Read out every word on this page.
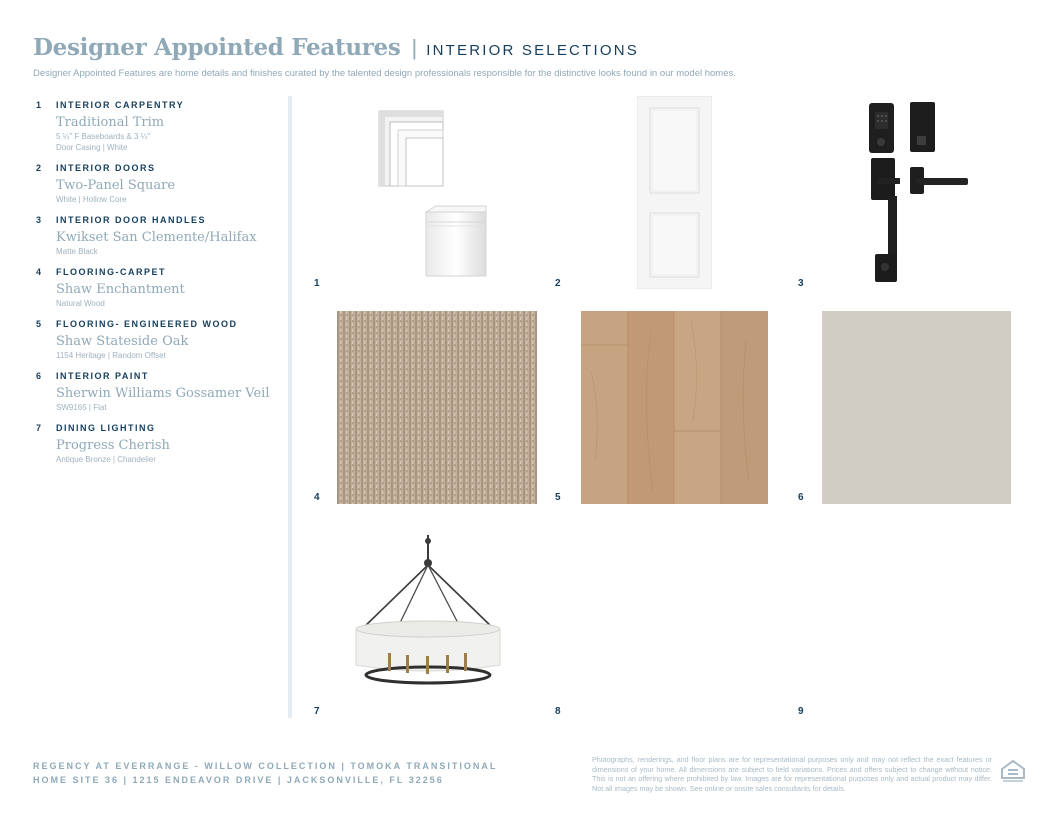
Designer Appointed Features | INTERIOR SELECTIONS
Designer Appointed Features are home details and finishes curated by the talented design professionals responsible for the distinctive looks found in our model homes.
1	INTERIOR CARPENTRY
Traditional Trim
5 ¼" F Baseboards & 3 ¼"
Door Casing | White
2	INTERIOR DOORS
Two-Panel Square
White | Hollow Core
3	INTERIOR DOOR HANDLES
Kwikset San Clemente/Halifax
Matte Black
4	FLOORING-CARPET
Shaw Enchantment
Natural Wood
5	FLOORING- ENGINEERED WOOD
Shaw Stateside Oak
1154 Heritage | Random Offset
6	INTERIOR PAINT
Sherwin Williams Gossamer Veil
SW9165 | Flat
7	DINING LIGHTING
Progress Cherish
Antique Bronze | Chandelier
1	2	3
4	5	6
7	8	9
REGENCY AT EVERRANGE - WILLOW COLLECTION | TOMOKA TRANSITIONAL
HOME SITE 36 | 1215 ENDEAVOR DRIVE | JACKSONVILLE, FL 32256
Photographs, renderings, and floor plans are for representational purposes only and may not reflect the exact features or dimensions of your home. All dimensions are subject to field variations. Prices and offers subject to change without notice. This is not an offering where prohibited by law. Images are for representational purposes only and actual product may differ. Not all images may be shown. See online or onsite sales consultants for details.
